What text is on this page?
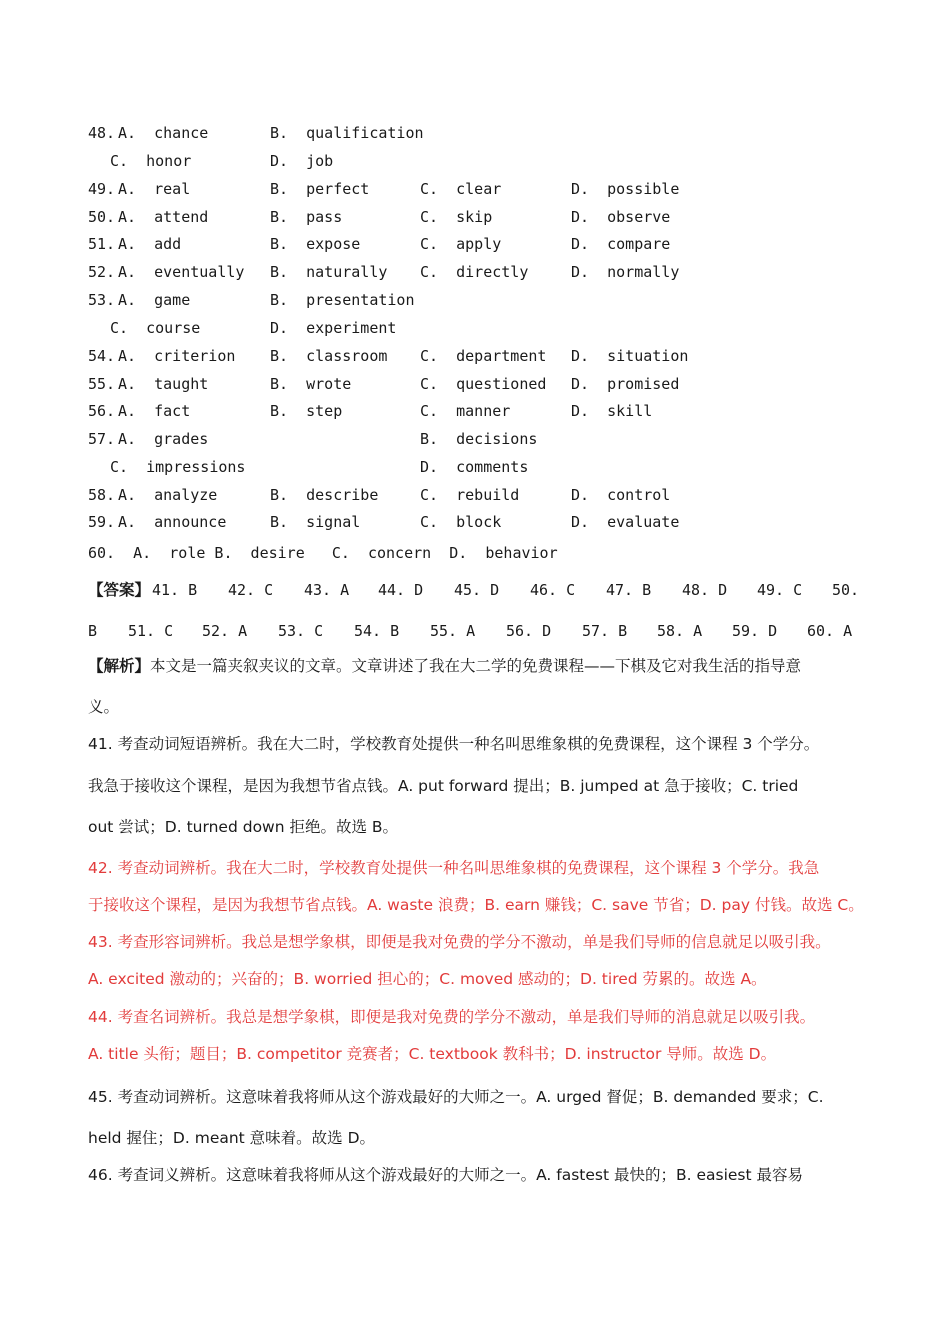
48. A.  chance	B.  qualification
C.  honor	D.  job
49. A.  real	B.  perfect	C.  clear	D.  possible
50. A.  attend	B.  pass	C.  skip	D.  observe
51. A.  add	B.  expose	C.  apply	D.  compare
52. A.  eventually B.  naturally C.  directly	D.  normally
53. A.  game	B.  presentation
C.  course	D.  experiment
54. A.  criterion B.  classroom C.  department D.  situation
55. A.  taught	B.  wrote	C.  questioned D.  promised
56. A.  fact	B.  step	C.  manner	D.  skill
57. A.  grades	B.  decisions
C.  impressions	D.  comments
58. A.  analyze	B.  describe	C.  rebuild	D.  control
59. A.  announce	B.  signal	C.  block	D.  evaluate

60.  A.  role B.  desire   C.  concern  D.  behavior

【答案】 41. B 42. C 43. A 44. D 45. D 46. C 47. B 48. D 49. C 50.
B 51. C 52. A 53. C 54. B 55. A 56. D 57. B 58. A 59. D 60. A
【解析】本文是一篇夹叙夹议的文章。文章讲述了我在大二学的免费课程——下棋及它对我生活的指导意
义。
41. 考查动词短语辨析。我在大二时，学校教育处提供一种名叫思维象棋的免费课程，这个课程 3 个学分。
我急于接收这个课程，是因为我想节省点钱。A. put forward 提出；B. jumped at 急于接收；C. tried
out 尝试；D. turned down 拒绝。故选 B。
42. 考查动词辨析。我在大二时，学校教育处提供一种名叫思维象棋的免费课程，这个课程 3 个学分。我急
于接收这个课程，是因为我想节省点钱。A. waste 浪费；B. earn 赚钱；C. save 节省；D. pay 付钱。故选 C。
43. 考查形容词辨析。我总是想学象棋，即便是我对免费的学分不激动，单是我们导师的信息就足以吸引我。
A. excited 激动的；兴奋的；B. worried 担心的；C. moved 感动的；D. tired 劳累的。故选 A。
44. 考查名词辨析。我总是想学象棋，即便是我对免费的学分不激动，单是我们导师的消息就足以吸引我。
A. title 头衔；题目；B. competitor 竞赛者；C. textbook 教科书；D. instructor 导师。故选 D。
45. 考查动词辨析。这意味着我将师从这个游戏最好的大师之一。A. urged 督促；B. demanded 要求；C.
held 握住；D. meant 意味着。故选 D。
46. 考查词义辨析。这意味着我将师从这个游戏最好的大师之一。A. fastest 最快的；B. easiest 最容易
